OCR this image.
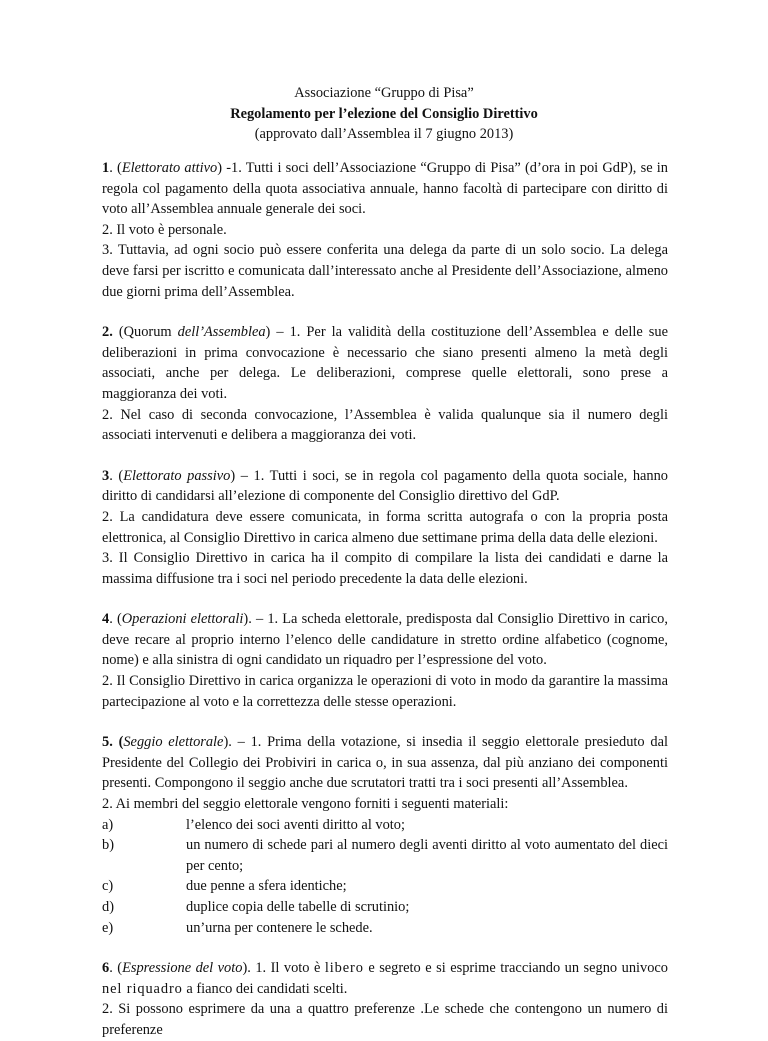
Associazione “Gruppo di Pisa”
Regolamento per l’elezione del Consiglio Direttivo
(approvato dall’Assemblea il 7 giugno 2013)

1. (Elettorato attivo) -1. Tutti i soci dell’Associazione “Gruppo di Pisa” (d’ora in poi GdP), se in regola col pagamento della quota associativa annuale, hanno facoltà di partecipare con diritto di voto all’Assemblea annuale generale dei soci.

2. Il voto è personale.

3. Tuttavia, ad ogni socio può essere conferita una delega da parte di un solo socio. La delega deve farsi per iscritto e comunicata dall’interessato anche al Presidente dell’Associazione, almeno due giorni prima dell’Assemblea.

2. (Quorum dell’Assemblea) – 1. Per la validità della costituzione dell’Assemblea e delle sue deliberazioni in prima convocazione è necessario che siano presenti almeno la metà degli associati, anche per delega. Le deliberazioni, comprese quelle elettorali, sono prese a maggioranza dei voti.

2. Nel caso di seconda convocazione, l’Assemblea è valida qualunque sia il numero degli associati intervenuti e delibera a maggioranza dei voti.

3. (Elettorato passivo) – 1. Tutti i soci, se in regola col pagamento della quota sociale, hanno diritto di candidarsi all’elezione di componente del Consiglio direttivo del GdP.

2. La candidatura deve essere comunicata, in forma scritta autografa o con la propria posta elettronica, al Consiglio Direttivo in carica almeno due settimane prima della data delle elezioni.

3. Il Consiglio Direttivo in carica ha il compito di compilare la lista dei candidati e darne la massima diffusione tra i soci nel periodo precedente la data delle elezioni.

4. (Operazioni elettorali). – 1. La scheda elettorale, predisposta dal Consiglio Direttivo in carico, deve recare al proprio interno l’elenco delle candidature in stretto ordine alfabetico (cognome, nome) e alla sinistra di ogni candidato un riquadro per l’espressione del voto.

2. Il Consiglio Direttivo in carica organizza le operazioni di voto in modo da garantire la massima partecipazione al voto e la correttezza delle stesse operazioni.

5. (Seggio elettorale). – 1. Prima della votazione, si insedia il seggio elettorale presieduto dal Presidente del Collegio dei Probiviri in carica o, in sua assenza, dal più anziano dei componenti presenti. Compongono il seggio anche due scrutatori tratti tra i soci presenti all’Assemblea.

2. Ai membri del seggio elettorale vengono forniti i seguenti materiali:

a)	l’elenco dei soci aventi diritto al voto;
b)	un numero di schede pari al numero degli aventi diritto al voto aumentato del dieci per cento;
c)	due penne a sfera identiche;
d)	duplice copia delle tabelle di scrutinio;
e)	un’urna per contenere le schede.

6. (Espressione del voto). 1. Il voto è libero e segreto e si esprime tracciando un segno univoco nel riquadro a fianco dei candidati scelti.

2. Si possono esprimere da una a quattro preferenze .Le schede che contengono un numero di preferenze
